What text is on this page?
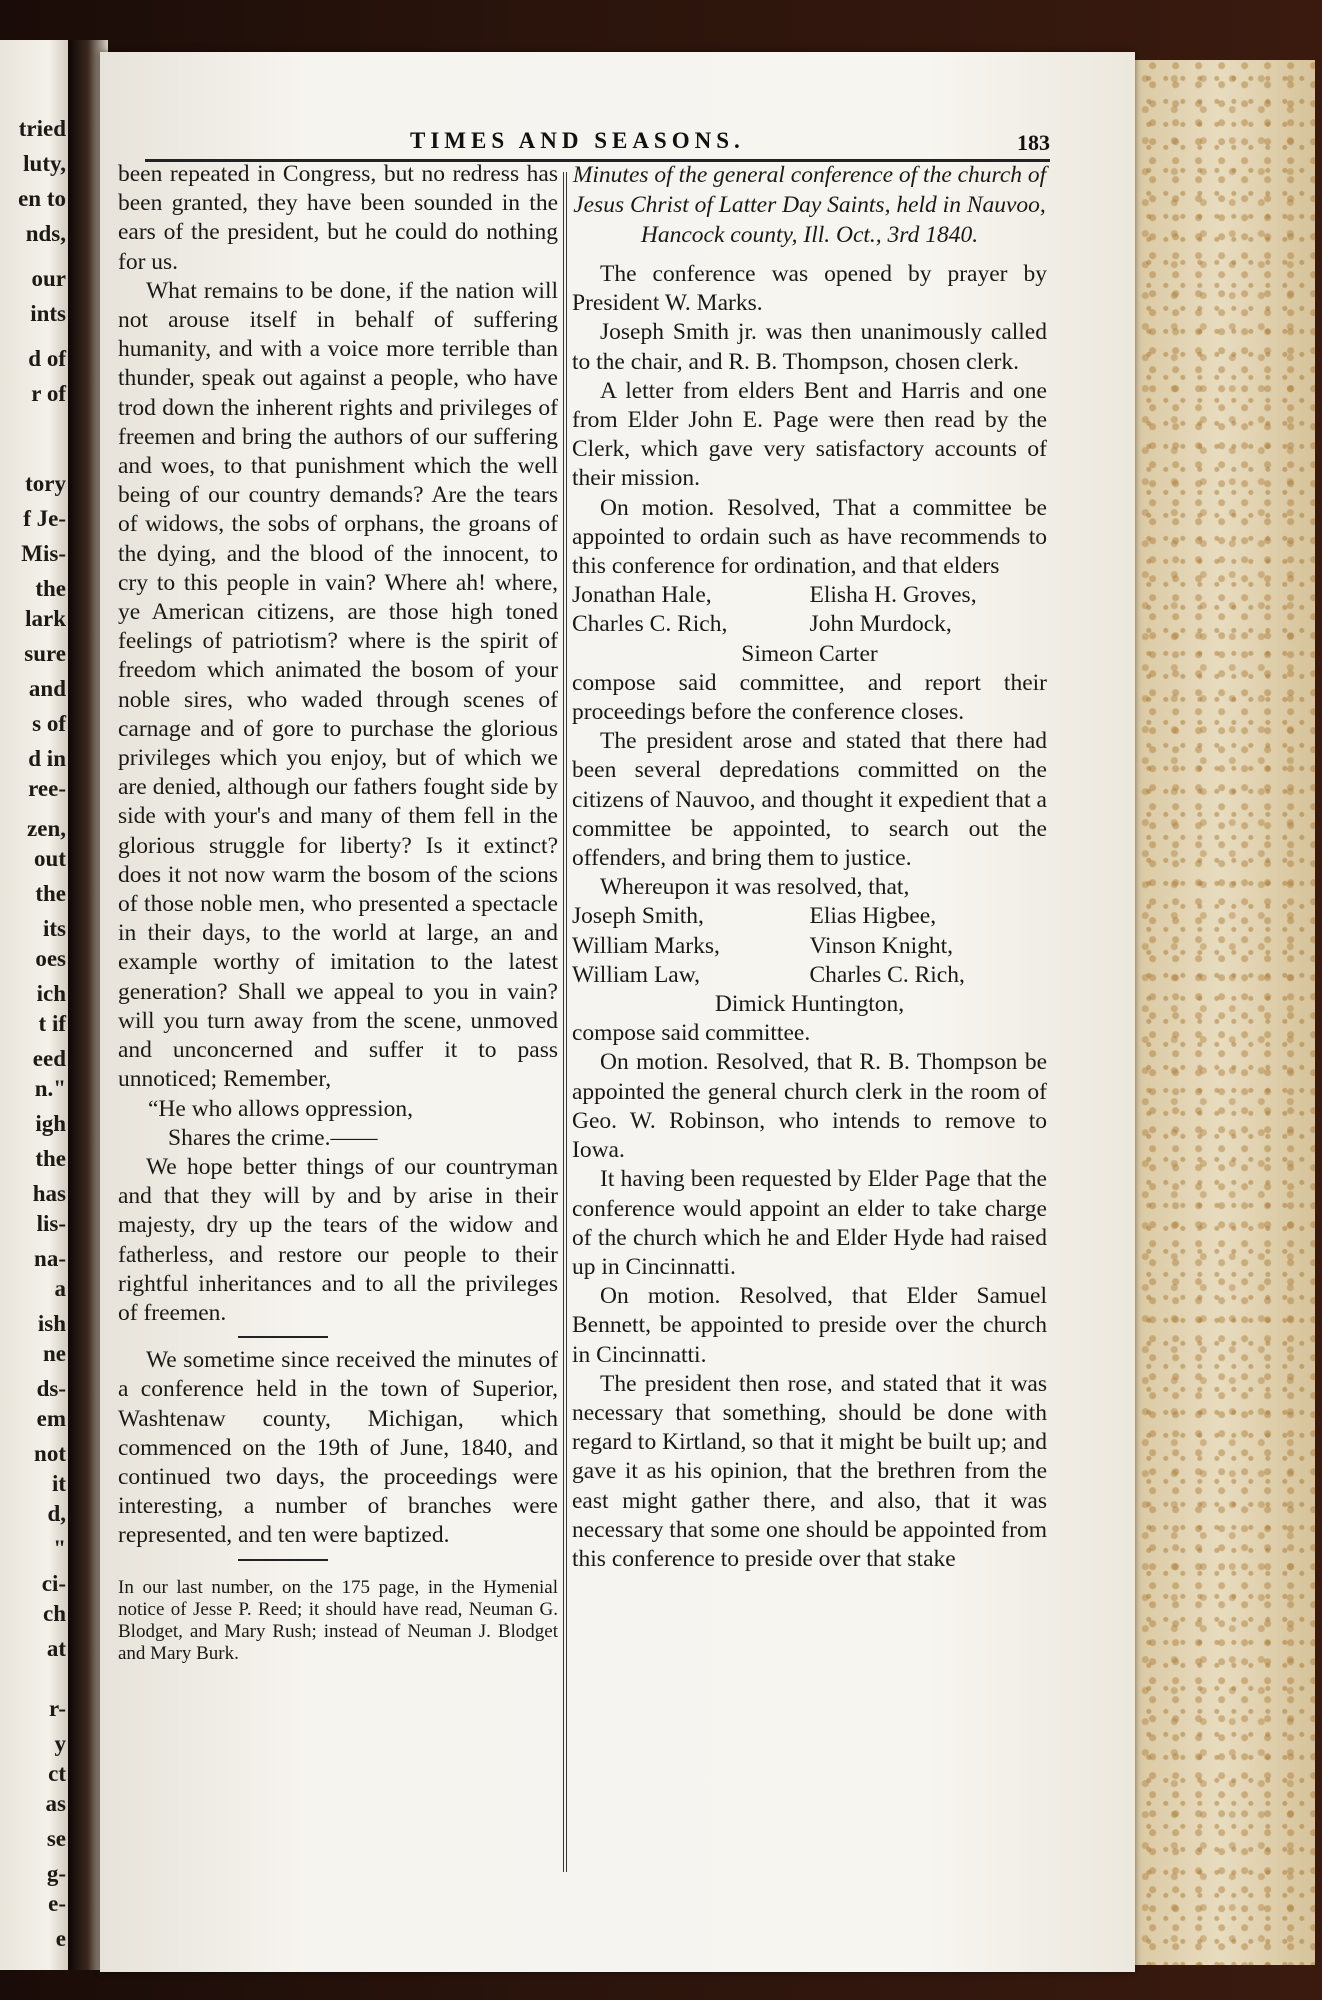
tried
luty,
en to
nds,
our
ints
d of
r of
tory
f Je-
Mis-
the
lark
sure
and
s of
d in
ree-
zen,
out
the
its
oes
ich
t if
eed
n."
igh
the
has
lis-
na-
a
ish
ne
ds-
em
not
it
d,
"
ci-
ch
at
r-
y
ct
as
se
g-
e-
e
TIMES AND SEASONS.	183

been repeated in Congress, but no redress has been granted, they have been sounded in the ears of the president, but he could do nothing for us.

What remains to be done, if the nation will not arouse itself in behalf of suffering humanity, and with a voice more terrible than thunder, speak out against a people, who have trod down the inherent rights and privileges of freemen and bring the authors of our suffering and woes, to that punishment which the well being of our country demands? Are the tears of widows, the sobs of orphans, the groans of the dying, and the blood of the innocent, to cry to this people in vain? Where ah! where, ye American citizens, are those high toned feelings of patriotism? where is the spirit of freedom which animated the bosom of your noble sires, who waded through scenes of carnage and of gore to purchase the glorious privileges which you enjoy, but of which we are denied, although our fathers fought side by side with your's and many of them fell in the glorious struggle for liberty? Is it extinct? does it not now warm the bosom of the scions of those noble men, who presented a spectacle in their days, to the world at large, an and example worthy of imitation to the latest generation? Shall we appeal to you in vain? will you turn away from the scene, unmoved and unconcerned and suffer it to pass unnoticed; Remember,

“He who allows oppression,

Shares the crime.——

We hope better things of our countryman and that they will by and by arise in their majesty, dry up the tears of the widow and fatherless, and restore our people to their rightful inheritances and to all the privileges of freemen.

We sometime since received the minutes of a conference held in the town of Superior, Washtenaw county, Michigan, which commenced on the 19th of June, 1840, and continued two days, the proceedings were interesting, a number of branches were represented, and ten were baptized.

In our last number, on the 175 page, in the Hymenial notice of Jesse P. Reed; it should have read, Neuman G. Blodget, and Mary Rush; instead of Neuman J. Blodget and Mary Burk.

Minutes of the general conference of the church of Jesus Christ of Latter Day Saints, held in Nauvoo, Hancock county, Ill. Oct., 3rd 1840.

The conference was opened by prayer by President W. Marks.

Joseph Smith jr. was then unanimously called to the chair, and R. B. Thompson, chosen clerk.

A letter from elders Bent and Harris and one from Elder John E. Page were then read by the Clerk, which gave very satisfactory accounts of their mission.

On motion. Resolved, That a committee be appointed to ordain such as have recommends to this conference for ordination, and that elders

Jonathan Hale,	Elisha H. Groves,
Charles C. Rich,	John Murdock,

Simeon Carter

compose said committee, and report their proceedings before the conference closes.

The president arose and stated that there had been several depredations committed on the citizens of Nauvoo, and thought it expedient that a committee be appointed, to search out the offenders, and bring them to justice.

Whereupon it was resolved, that,

Joseph Smith,	Elias Higbee,
William Marks,	Vinson Knight,
William Law,	Charles C. Rich,

Dimick Huntington,

compose said committee.

On motion. Resolved, that R. B. Thompson be appointed the general church clerk in the room of Geo. W. Robinson, who intends to remove to Iowa.

It having been requested by Elder Page that the conference would appoint an elder to take charge of the church which he and Elder Hyde had raised up in Cincinnatti.

On motion. Resolved, that Elder Samuel Bennett, be appointed to preside over the church in Cincinnatti.

The president then rose, and stated that it was necessary that something, should be done with regard to Kirtland, so that it might be built up; and gave it as his opinion, that the brethren from the east might gather there, and also, that it was necessary that some one should be appointed from this conference to preside over that stake
